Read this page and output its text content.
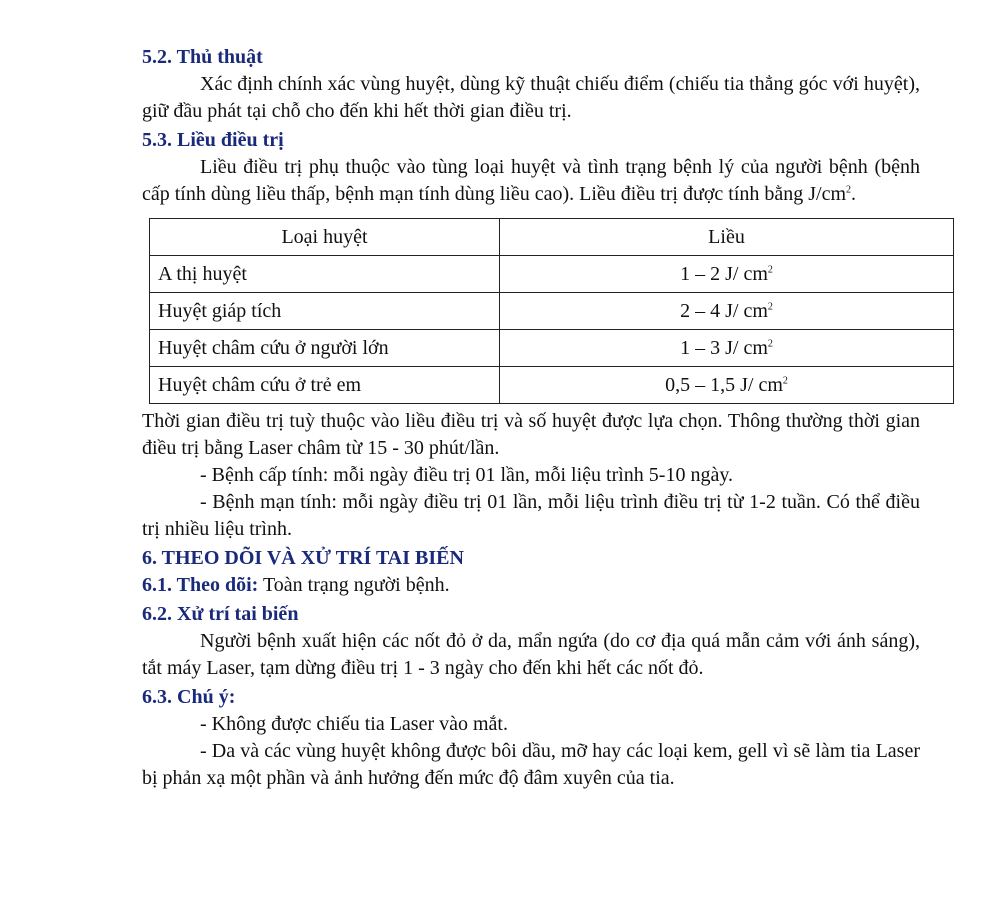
5.2. Thủ thuật

Xác định chính xác vùng huyệt, dùng kỹ thuật chiếu điểm (chiếu tia thẳng góc với huyệt), giữ đầu phát tại chỗ cho đến khi hết thời gian điều trị.

5.3. Liều điều trị

Liều điều trị phụ thuộc vào tùng loại huyệt và tình trạng bệnh lý của người bệnh (bệnh cấp tính dùng liều thấp, bệnh mạn tính dùng liều cao). Liều điều trị được tính bằng $J/cm^2$.

Loại huyệt	Liều
A thị huyệt	1 – 2 J/ $cm^2$
Huyệt giáp tích	2 – 4 J/ $cm^2$
Huyệt châm cứu ở người lớn	1 – 3 J/ $cm^2$
Huyệt châm cứu ở trẻ em	0,5 – 1,5 J/ $cm^2$

Thời gian điều trị tuỳ thuộc vào liều điều trị và số huyệt được lựa chọn. Thông thường thời gian điều trị bằng Laser châm từ 15 - 30 phút/lần.

- Bệnh cấp tính: mỗi ngày điều trị 01 lần, mỗi liệu trình 5-10 ngày.

- Bệnh mạn tính: mỗi ngày điều trị 01 lần, mỗi liệu trình điều trị từ 1-2 tuần. Có thể điều trị nhiều liệu trình.

6. THEO DÕI VÀ XỬ TRÍ TAI BIẾN

6.1. Theo dõi: Toàn trạng người bệnh.

6.2. Xử trí tai biến

Người bệnh xuất hiện các nốt đỏ ở da, mẩn ngứa (do cơ địa quá mẫn cảm với ánh sáng), tắt máy Laser, tạm dừng điều trị 1 - 3 ngày cho đến khi hết các nốt đỏ.

6.3. Chú ý:

- Không được chiếu tia Laser vào mắt.

- Da và các vùng huyệt không được bôi dầu, mỡ hay các loại kem, gell vì sẽ làm tia Laser bị phản xạ một phần và ảnh hưởng đến mức độ đâm xuyên của tia.
